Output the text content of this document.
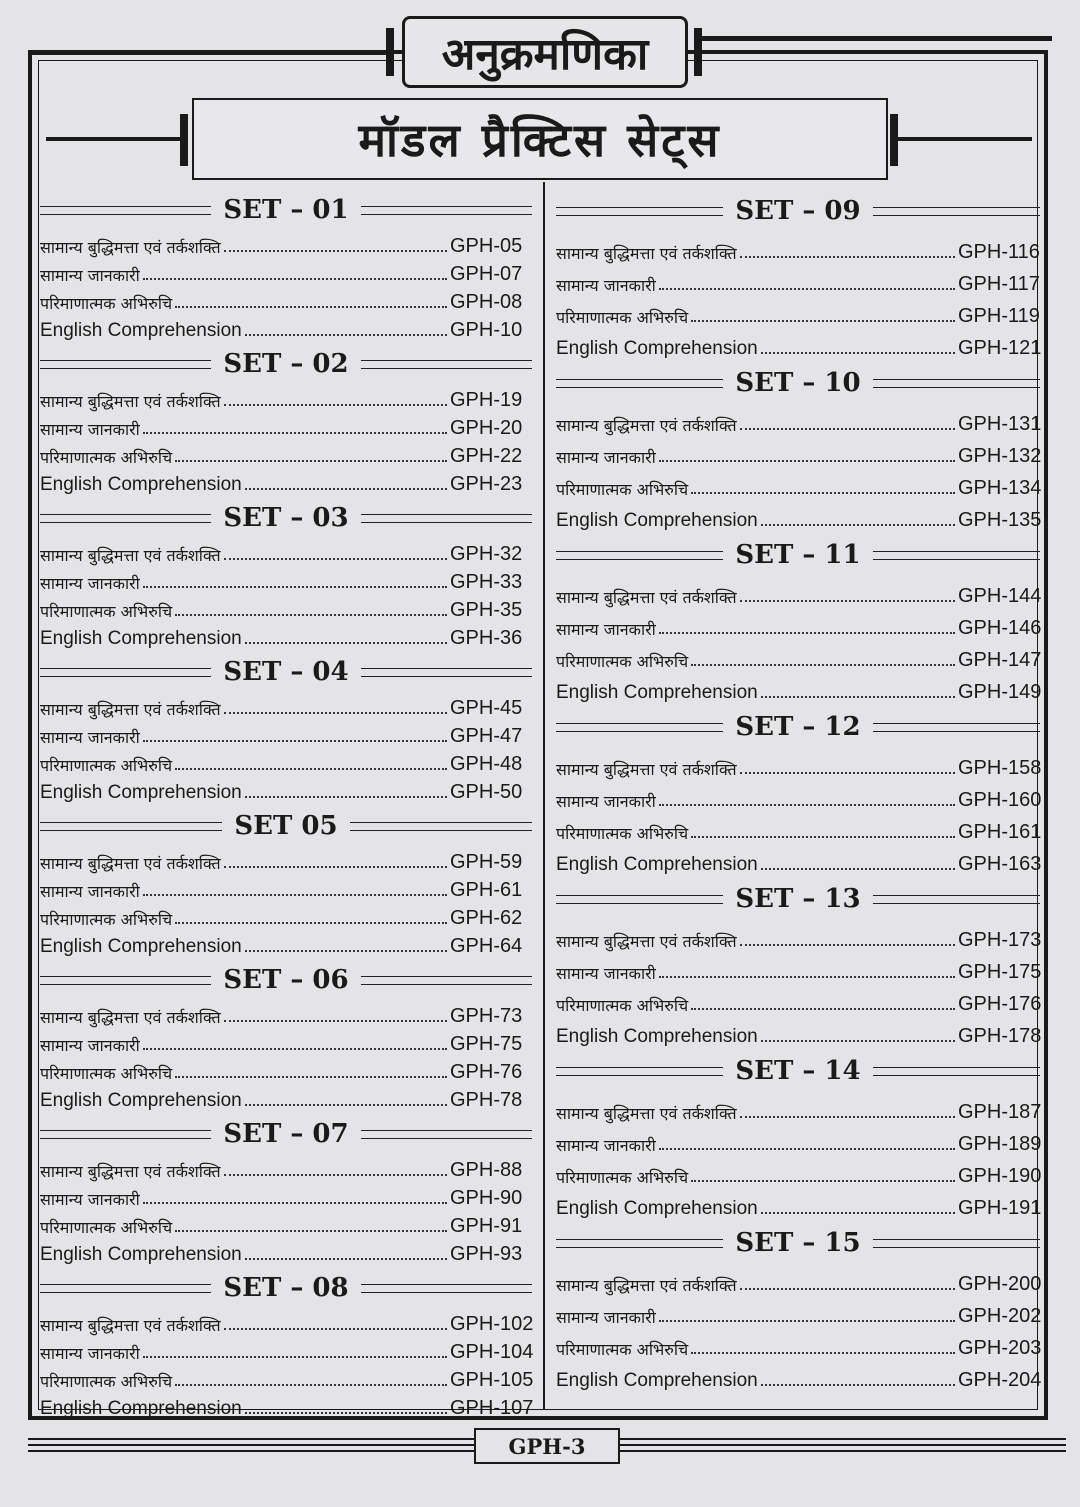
अनुक्रमणिका
मॉडल प्रैक्टिस सेट्स
SET – 01
सामान्य बुद्धिमत्ता एवं तर्कशक्ति	GPH-05
सामान्य जानकारी	GPH-07
परिमाणात्मक अभिरुचि	GPH-08
English Comprehension	GPH-10
SET – 02
सामान्य बुद्धिमत्ता एवं तर्कशक्ति	GPH-19
सामान्य जानकारी	GPH-20
परिमाणात्मक अभिरुचि	GPH-22
English Comprehension	GPH-23
SET – 03
सामान्य बुद्धिमत्ता एवं तर्कशक्ति	GPH-32
सामान्य जानकारी	GPH-33
परिमाणात्मक अभिरुचि	GPH-35
English Comprehension	GPH-36
SET – 04
सामान्य बुद्धिमत्ता एवं तर्कशक्ति	GPH-45
सामान्य जानकारी	GPH-47
परिमाणात्मक अभिरुचि	GPH-48
English Comprehension	GPH-50
SET 05
सामान्य बुद्धिमत्ता एवं तर्कशक्ति	GPH-59
सामान्य जानकारी	GPH-61
परिमाणात्मक अभिरुचि	GPH-62
English Comprehension	GPH-64
SET – 06
सामान्य बुद्धिमत्ता एवं तर्कशक्ति	GPH-73
सामान्य जानकारी	GPH-75
परिमाणात्मक अभिरुचि	GPH-76
English Comprehension	GPH-78
SET – 07
सामान्य बुद्धिमत्ता एवं तर्कशक्ति	GPH-88
सामान्य जानकारी	GPH-90
परिमाणात्मक अभिरुचि	GPH-91
English Comprehension	GPH-93
SET – 08
सामान्य बुद्धिमत्ता एवं तर्कशक्ति	GPH-102
सामान्य जानकारी	GPH-104
परिमाणात्मक अभिरुचि	GPH-105
English Comprehension	GPH-107
SET – 09
सामान्य बुद्धिमत्ता एवं तर्कशक्ति	GPH-116
सामान्य जानकारी	GPH-117
परिमाणात्मक अभिरुचि	GPH-119
English Comprehension	GPH-121
SET – 10
सामान्य बुद्धिमत्ता एवं तर्कशक्ति	GPH-131
सामान्य जानकारी	GPH-132
परिमाणात्मक अभिरुचि	GPH-134
English Comprehension	GPH-135
SET – 11
सामान्य बुद्धिमत्ता एवं तर्कशक्ति	GPH-144
सामान्य जानकारी	GPH-146
परिमाणात्मक अभिरुचि	GPH-147
English Comprehension	GPH-149
SET – 12
सामान्य बुद्धिमत्ता एवं तर्कशक्ति	GPH-158
सामान्य जानकारी	GPH-160
परिमाणात्मक अभिरुचि	GPH-161
English Comprehension	GPH-163
SET – 13
सामान्य बुद्धिमत्ता एवं तर्कशक्ति	GPH-173
सामान्य जानकारी	GPH-175
परिमाणात्मक अभिरुचि	GPH-176
English Comprehension	GPH-178
SET – 14
सामान्य बुद्धिमत्ता एवं तर्कशक्ति	GPH-187
सामान्य जानकारी	GPH-189
परिमाणात्मक अभिरुचि	GPH-190
English Comprehension	GPH-191
SET – 15
सामान्य बुद्धिमत्ता एवं तर्कशक्ति	GPH-200
सामान्य जानकारी	GPH-202
परिमाणात्मक अभिरुचि	GPH-203
English Comprehension	GPH-204
GPH-3
